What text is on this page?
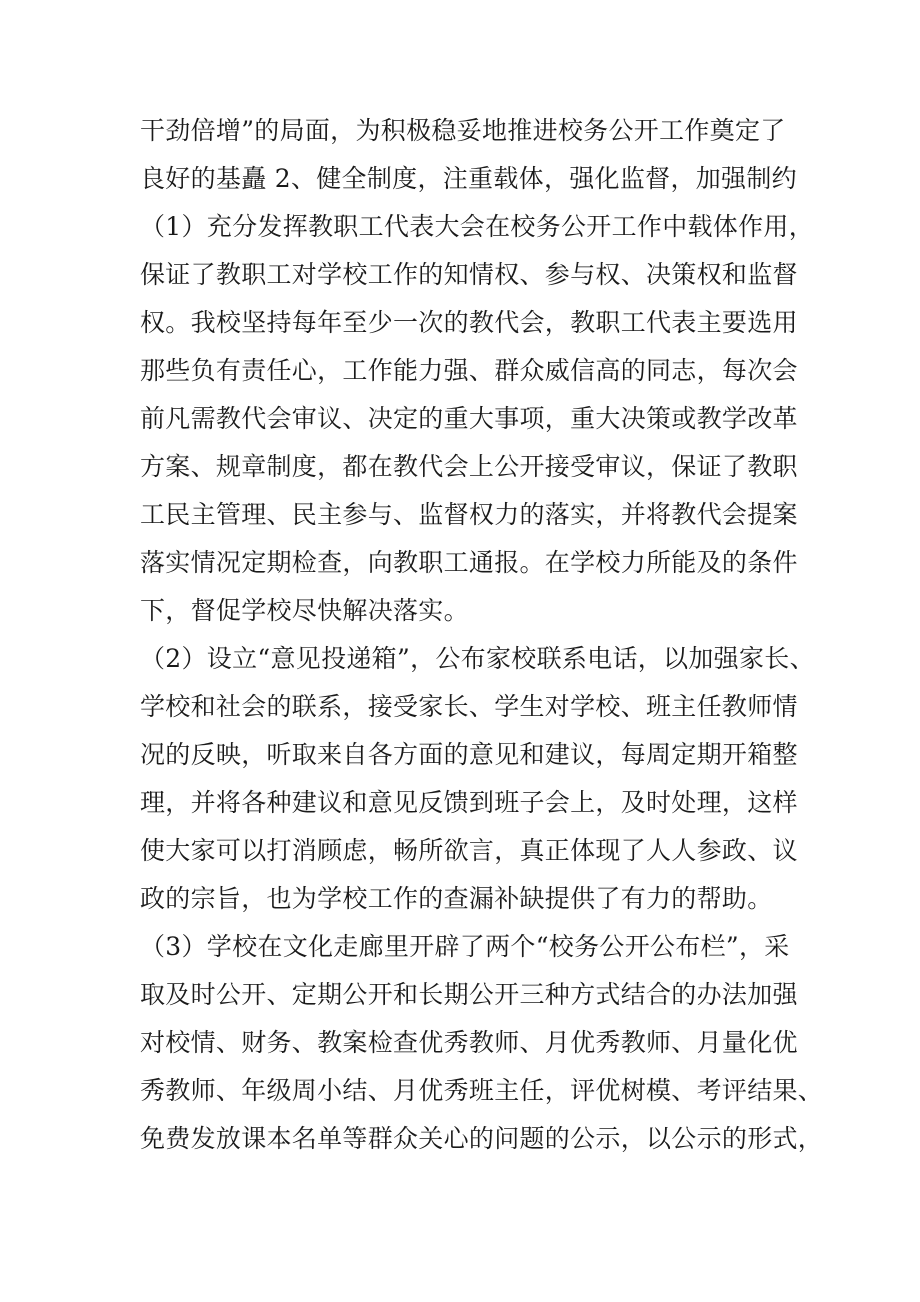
干劲倍增”的局面，为积极稳妥地推进校务公开工作奠定了
良好的基矗 2、健全制度，注重载体，强化监督，加强制约
（1）充分发挥教职工代表大会在校务公开工作中载体作用，
保证了教职工对学校工作的知情权、参与权、决策权和监督
权。我校坚持每年至少一次的教代会，教职工代表主要选用
那些负有责任心，工作能力强、群众威信高的同志，每次会
前凡需教代会审议、决定的重大事项，重大决策或教学改革
方案、规章制度，都在教代会上公开接受审议，保证了教职
工民主管理、民主参与、监督权力的落实，并将教代会提案
落实情况定期检查，向教职工通报。在学校力所能及的条件
下，督促学校尽快解决落实。
（2）设立“意见投递箱”，公布家校联系电话，以加强家长、
学校和社会的联系，接受家长、学生对学校、班主任教师情
况的反映，听取来自各方面的意见和建议，每周定期开箱整
理，并将各种建议和意见反馈到班子会上，及时处理，这样
使大家可以打消顾虑，畅所欲言，真正体现了人人参政、议
政的宗旨，也为学校工作的查漏补缺提供了有力的帮助。
（3）学校在文化走廊里开辟了两个“校务公开公布栏”，采
取及时公开、定期公开和长期公开三种方式结合的办法加强
对校情、财务、教案检查优秀教师、月优秀教师、月量化优
秀教师、年级周小结、月优秀班主任，评优树模、考评结果、
免费发放课本名单等群众关心的问题的公示，以公示的形式，
